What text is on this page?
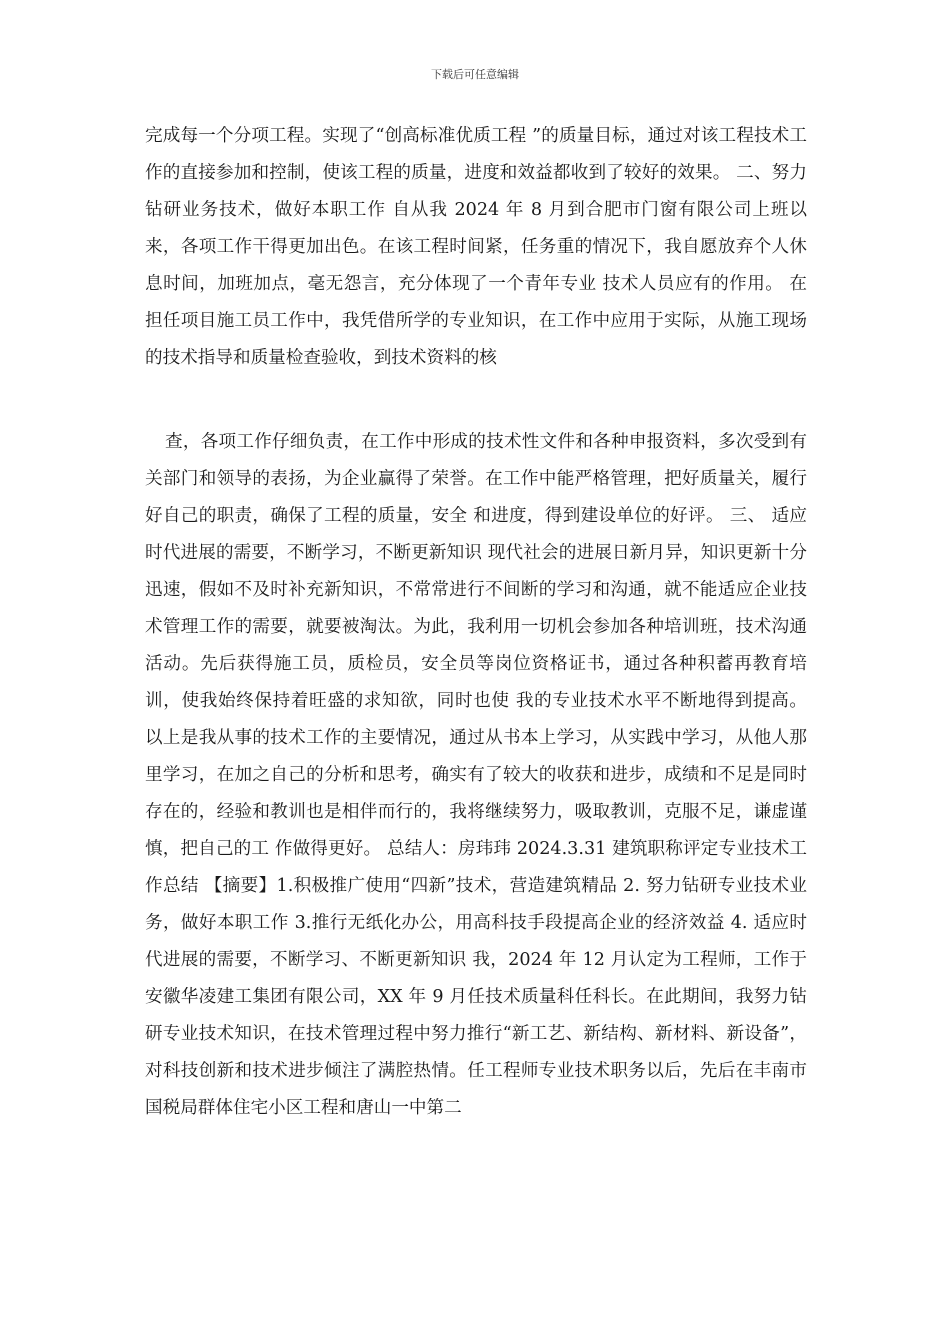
下载后可任意编辑

完成每一个分项工程。实现了“创高标准优质工程 ”的质量目标，通过对该工程技术工作的直接参加和控制，使该工程的质量，进度和效益都收到了较好的效果。 二、努力钻研业务技术，做好本职工作 自从我 2024 年 8 月到合肥市门窗有限公司上班以来，各项工作干得更加出色。在该工程时间紧，任务重的情况下，我自愿放弃个人休息时间，加班加点，毫无怨言，充分体现了一个青年专业 技术人员应有的作用。 在担任项目施工员工作中，我凭借所学的专业知识，在工作中应用于实际，从施工现场的技术指导和质量检查验收，到技术资料的核

查，各项工作仔细负责，在工作中形成的技术性文件和各种申报资料，多次受到有关部门和领导的表扬，为企业赢得了荣誉。在工作中能严格管理，把好质量关，履行好自己的职责，确保了工程的质量，安全 和进度，得到建设单位的好评。 三、 适应时代进展的需要，不断学习，不断更新知识 现代社会的进展日新月异，知识更新十分迅速，假如不及时补充新知识，不常常进行不间断的学习和沟通，就不能适应企业技术管理工作的需要，就要被淘汰。为此，我利用一切机会参加各种培训班，技术沟通活动。先后获得施工员，质检员，安全员等岗位资格证书，通过各种积蓄再教育培训，使我始终保持着旺盛的求知欲，同时也使 我的专业技术水平不断地得到提高。 以上是我从事的技术工作的主要情况，通过从书本上学习，从实践中学习，从他人那里学习，在加之自己的分析和思考，确实有了较大的收获和进步，成绩和不足是同时存在的，经验和教训也是相伴而行的，我将继续努力，吸取教训，克服不足，谦虚谨慎，把自己的工 作做得更好。 总结人：房玮玮 2024.3.31 建筑职称评定专业技术工作总结 【摘要】1.积极推广使用“四新”技术，营造建筑精品 2. 努力钻研专业技术业务，做好本职工作 3.推行无纸化办公，用高科技手段提高企业的经济效益 4. 适应时代进展的需要，不断学习、不断更新知识 我，2024 年 12 月认定为工程师，工作于安徽华凌建工集团有限公司，XX 年 9 月任技术质量科任科长。在此期间，我努力钻研专业技术知识，在技术管理过程中努力推行“新工艺、新结构、新材料、新设备”，对科技创新和技术进步倾注了满腔热情。任工程师专业技术职务以后，先后在丰南市国税局群体住宅小区工程和唐山一中第二
